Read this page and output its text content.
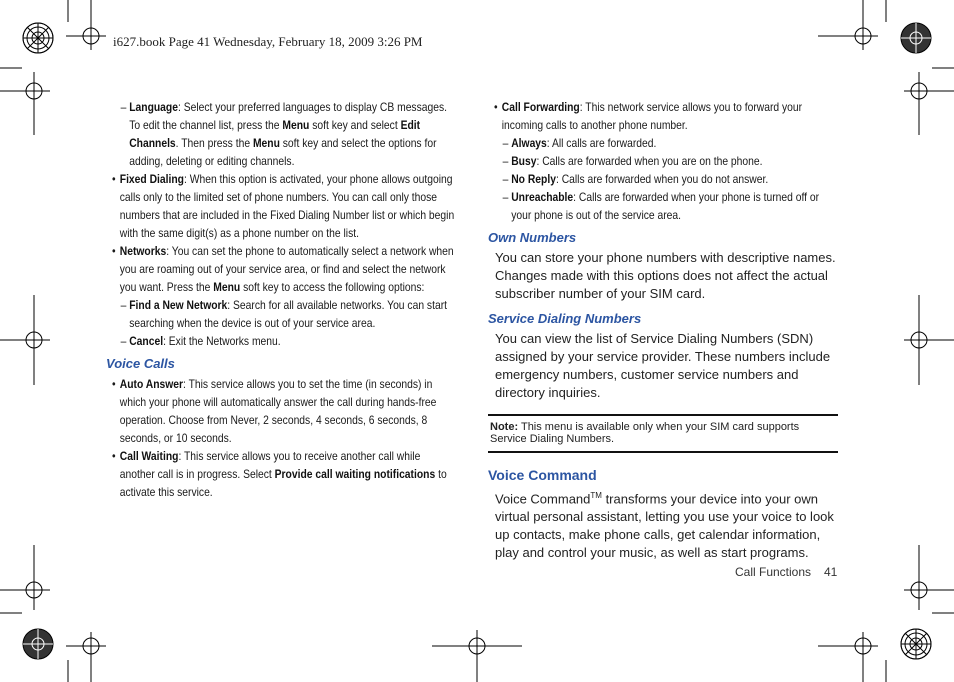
i627.book Page 41 Wednesday, February 18, 2009 3:26 PM

– Language: Select your preferred languages to display CB messages. To edit the channel list, press the Menu soft key and select Edit Channels. Then press the Menu soft key and select the options for adding, deleting or editing channels.

• Fixed Dialing: When this option is activated, your phone allows outgoing calls only to the limited set of phone numbers. You can call only those numbers that are included in the Fixed Dialing Number list or which begin with the same digit(s) as a phone number on the list.

• Networks: You can set the phone to automatically select a network when you are roaming out of your service area, or find and select the network you want. Press the Menu soft key to access the following options:

– Find a New Network: Search for all available networks. You can start searching when the device is out of your service area.

– Cancel: Exit the Networks menu.

Voice Calls

• Auto Answer: This service allows you to set the time (in seconds) in which your phone will automatically answer the call during hands-free operation. Choose from Never, 2 seconds, 4 seconds, 6 seconds, 8 seconds, or 10 seconds.

• Call Waiting: This service allows you to receive another call while another call is in progress. Select Provide call waiting notifications to activate this service.

• Call Forwarding: This network service allows you to forward your incoming calls to another phone number.

– Always: All calls are forwarded.

– Busy: Calls are forwarded when you are on the phone.

– No Reply: Calls are forwarded when you do not answer.

– Unreachable: Calls are forwarded when your phone is turned off or your phone is out of the service area.

Own Numbers

You can store your phone numbers with descriptive names. Changes made with this options does not affect the actual subscriber number of your SIM card.

Service Dialing Numbers

You can view the list of Service Dialing Numbers (SDN) assigned by your service provider. These numbers include emergency numbers, customer service numbers and directory inquiries.

Note: This menu is available only when your SIM card supports Service Dialing Numbers.
Voice Command

Voice Command™ transforms your device into your own virtual personal assistant, letting you use your voice to look up contacts, make phone calls, get calendar information, play and control your music, as well as start programs.

Call Functions 41
